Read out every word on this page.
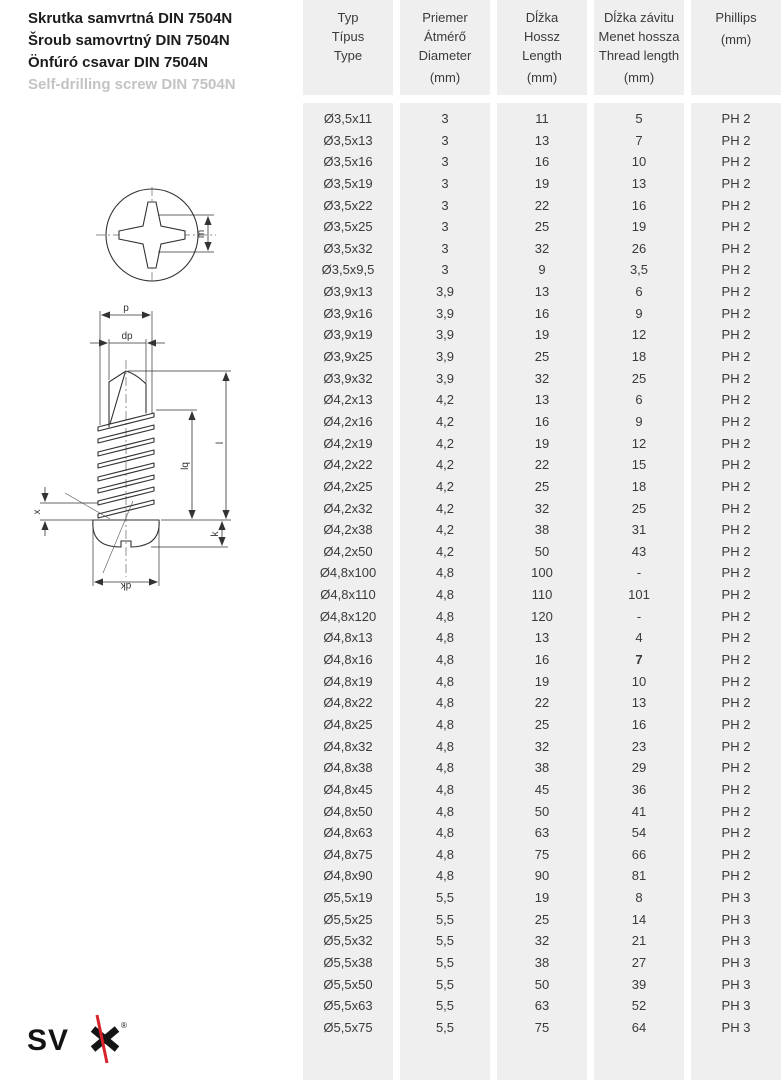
Skrutka samvrtná DIN 7504N
Šroub samovrtný DIN 7504N
Önfúró csavar DIN 7504N
Self-drilling screw DIN 7504N
m
p
dp
l
lq
k
x
dk
Typ
Típus
Type
Ø3,5x11
Ø3,5x13
Ø3,5x16
Ø3,5x19
Ø3,5x22
Ø3,5x25
Ø3,5x32
Ø3,5x9,5
Ø3,9x13
Ø3,9x16
Ø3,9x19
Ø3,9x25
Ø3,9x32
Ø4,2x13
Ø4,2x16
Ø4,2x19
Ø4,2x22
Ø4,2x25
Ø4,2x32
Ø4,2x38
Ø4,2x50
Ø4,8x100
Ø4,8x110
Ø4,8x120
Ø4,8x13
Ø4,8x16
Ø4,8x19
Ø4,8x22
Ø4,8x25
Ø4,8x32
Ø4,8x38
Ø4,8x45
Ø4,8x50
Ø4,8x63
Ø4,8x75
Ø4,8x90
Ø5,5x19
Ø5,5x25
Ø5,5x32
Ø5,5x38
Ø5,5x50
Ø5,5x63
Ø5,5x75
Priemer
Átmérő
Diameter
(mm)
3
3
3
3
3
3
3
3
3,9
3,9
3,9
3,9
3,9
4,2
4,2
4,2
4,2
4,2
4,2
4,2
4,2
4,8
4,8
4,8
4,8
4,8
4,8
4,8
4,8
4,8
4,8
4,8
4,8
4,8
4,8
4,8
5,5
5,5
5,5
5,5
5,5
5,5
5,5
Dĺžka
Hossz
Length
(mm)
11
13
16
19
22
25
32
9
13
16
19
25
32
13
16
19
22
25
32
38
50
100
110
120
13
16
19
22
25
32
38
45
50
63
75
90
19
25
32
38
50
63
75
Dĺžka závitu
Menet hossza
Thread length
(mm)
5
7
10
13
16
19
26
3,5
6
9
12
18
25
6
9
12
15
18
25
31
43
-
101
-
4
7
10
13
16
23
29
36
41
54
66
81
8
14
21
27
39
52
64
Phillips
(mm)
PH 2
PH 2
PH 2
PH 2
PH 2
PH 2
PH 2
PH 2
PH 2
PH 2
PH 2
PH 2
PH 2
PH 2
PH 2
PH 2
PH 2
PH 2
PH 2
PH 2
PH 2
PH 2
PH 2
PH 2
PH 2
PH 2
PH 2
PH 2
PH 2
PH 2
PH 2
PH 2
PH 2
PH 2
PH 2
PH 2
PH 3
PH 3
PH 3
PH 3
PH 3
PH 3
PH 3
SV	®
